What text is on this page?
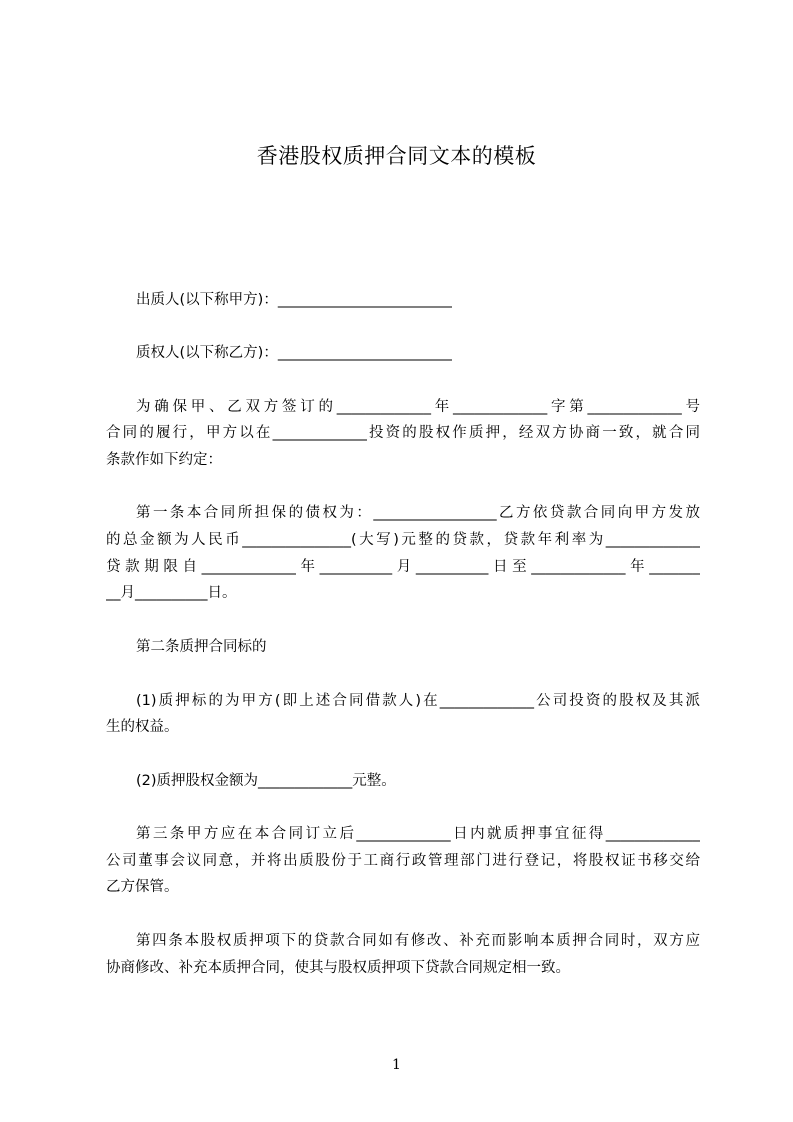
香港股权质押合同文本的模板
出质人(以下称甲方)：________________________
质权人(以下称乙方)：________________________
为确保甲、乙双方签订的_____________年_____________字第_____________号
合同的履行，甲方以在_____________投资的股权作质押，经双方协商一致，就合同
条款作如下约定：
第一条本合同所担保的债权为：_________________乙方依贷款合同向甲方发放
的总金额为人民币_______________(大写)元整的贷款，贷款年利率为_____________
贷款期限自_____________年__________月__________日至_____________年_______
__月__________日。
第二条质押合同标的
(1)质押标的为甲方(即上述合同借款人)在_____________公司投资的股权及其派
生的权益。
(2)质押股权金额为_____________元整。
第三条甲方应在本合同订立后_____________日内就质押事宜征得_____________
公司董事会议同意，并将出质股份于工商行政管理部门进行登记，将股权证书移交给
乙方保管。
第四条本股权质押项下的贷款合同如有修改、补充而影响本质押合同时，双方应
协商修改、补充本质押合同，使其与股权质押项下贷款合同规定相一致。
1
